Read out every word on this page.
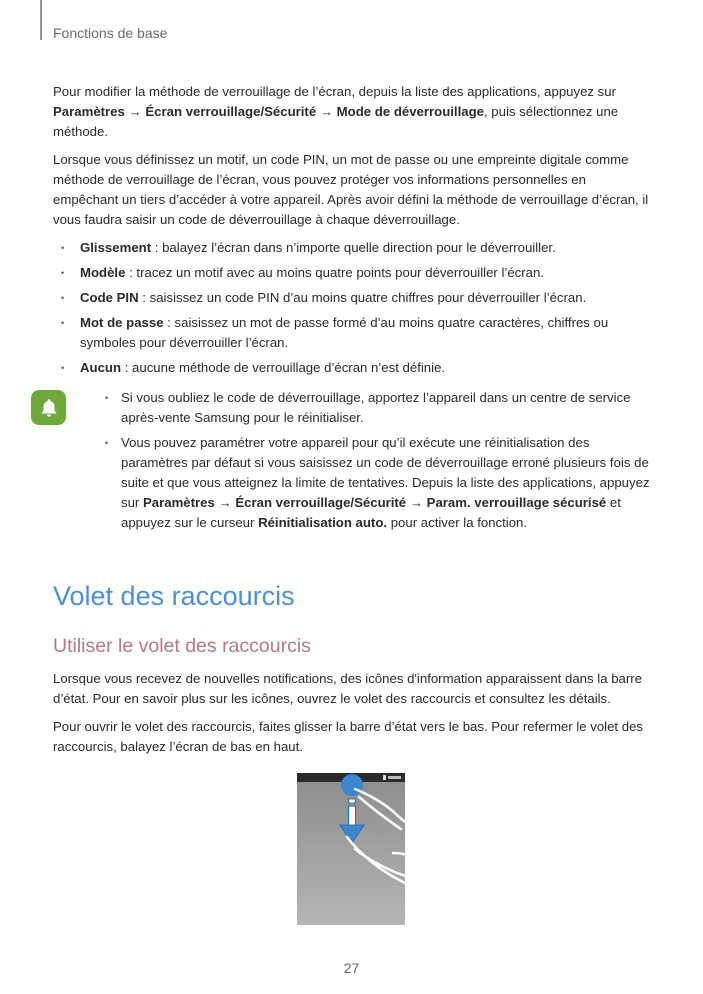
Fonctions de base

Pour modifier la méthode de verrouillage de l’écran, depuis la liste des applications, appuyez sur Paramètres → Écran verrouillage/Sécurité → Mode de déverrouillage, puis sélectionnez une méthode.

Lorsque vous définissez un motif, un code PIN, un mot de passe ou une empreinte digitale comme méthode de verrouillage de l’écran, vous pouvez protéger vos informations personnelles en empêchant un tiers d’accéder à votre appareil. Après avoir défini la méthode de verrouillage d’écran, il vous faudra saisir un code de déverrouillage à chaque déverrouillage.

• Glissement : balayez l’écran dans n’importe quelle direction pour le déverrouiller.
• Modèle : tracez un motif avec au moins quatre points pour déverrouiller l’écran.
• Code PIN : saisissez un code PIN d’au moins quatre chiffres pour déverrouiller l’écran.
• Mot de passe : saisissez un mot de passe formé d’au moins quatre caractères, chiffres ou symboles pour déverrouiller l’écran.
• Aucun : aucune méthode de verrouillage d’écran n’est définie.
• Si vous oubliez le code de déverrouillage, apportez l’appareil dans un centre de service après-vente Samsung pour le réinitialiser.
• Vous pouvez paramétrer votre appareil pour qu’il exécute une réinitialisation des paramètres par défaut si vous saisissez un code de déverrouillage erroné plusieurs fois de suite et que vous atteignez la limite de tentatives. Depuis la liste des applications, appuyez sur Paramètres → Écran verrouillage/Sécurité → Param. verrouillage sécurisé et appuyez sur le curseur Réinitialisation auto. pour activer la fonction.
Volet des raccourcis
Utiliser le volet des raccourcis

Lorsque vous recevez de nouvelles notifications, des icônes d'information apparaissent dans la barre d’état. Pour en savoir plus sur les icônes, ouvrez le volet des raccourcis et consultez les détails.

Pour ouvrir le volet des raccourcis, faites glisser la barre d’état vers le bas. Pour refermer le volet des raccourcis, balayez l’écran de bas en haut.

27
